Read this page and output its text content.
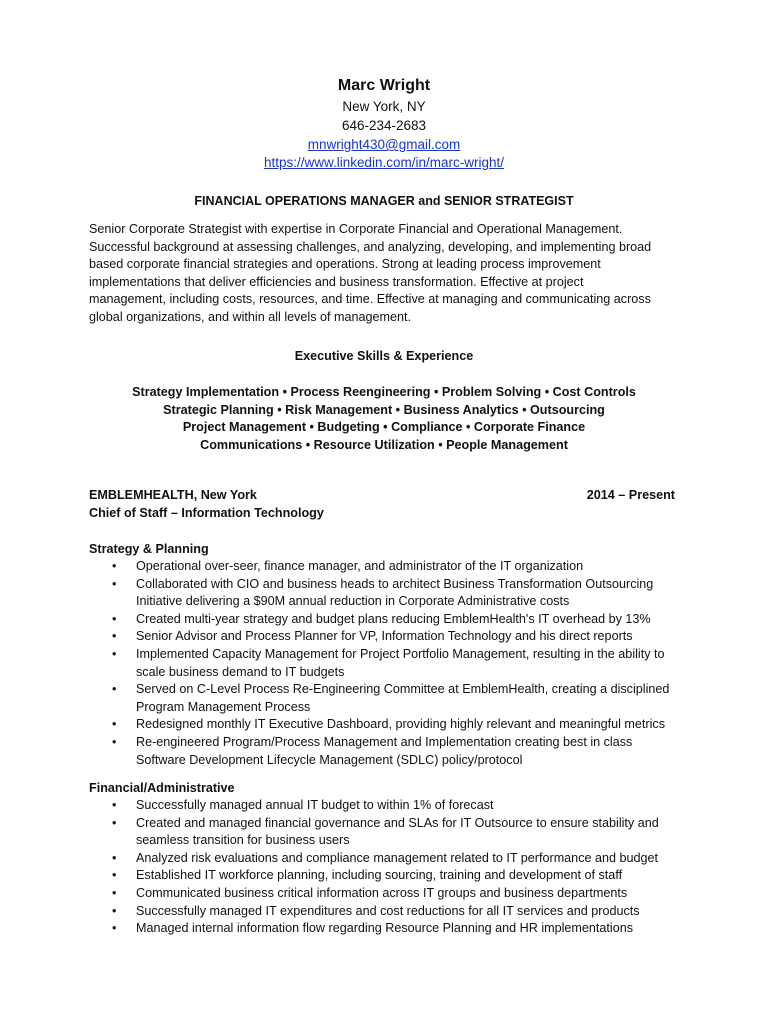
Marc Wright
New York, NY
646-234-2683
mnwright430@gmail.com
https://www.linkedin.com/in/marc-wright/
FINANCIAL OPERATIONS MANAGER and SENIOR STRATEGIST

Senior Corporate Strategist with expertise in Corporate Financial and Operational Management.
Successful background at assessing challenges, and analyzing, developing, and implementing broad
based corporate financial strategies and operations. Strong at leading process improvement
implementations that deliver efficiencies and business transformation. Effective at project
management, including costs, resources, and time. Effective at managing and communicating across
global organizations, and within all levels of management.

Executive Skills & Experience
Strategy Implementation • Process Reengineering • Problem Solving • Cost Controls
Strategic Planning • Risk Management • Business Analytics • Outsourcing
Project Management • Budgeting • Compliance • Corporate Finance
Communications • Resource Utilization • People Management
EMBLEMHEALTH, New York	2014 – Present
Chief of Staff – Information Technology
Strategy & Planning
• Operational over-seer, finance manager, and administrator of the IT organization
• Collaborated with CIO and business heads to architect Business Transformation Outsourcing
Initiative delivering a $90M annual reduction in Corporate Administrative costs
• Created multi-year strategy and budget plans reducing EmblemHealth's IT overhead by 13%
• Senior Advisor and Process Planner for VP, Information Technology and his direct reports
• Implemented Capacity Management for Project Portfolio Management, resulting in the ability to
scale business demand to IT budgets
• Served on C-Level Process Re-Engineering Committee at EmblemHealth, creating a disciplined
Program Management Process
• Redesigned monthly IT Executive Dashboard, providing highly relevant and meaningful metrics
• Re-engineered Program/Process Management and Implementation creating best in class
Software Development Lifecycle Management (SDLC) policy/protocol
Financial/Administrative
• Successfully managed annual IT budget to within 1% of forecast
• Created and managed financial governance and SLAs for IT Outsource to ensure stability and
seamless transition for business users
• Analyzed risk evaluations and compliance management related to IT performance and budget
• Established IT workforce planning, including sourcing, training and development of staff
• Communicated business critical information across IT groups and business departments
• Successfully managed IT expenditures and cost reductions for all IT services and products
• Managed internal information flow regarding Resource Planning and HR implementations
